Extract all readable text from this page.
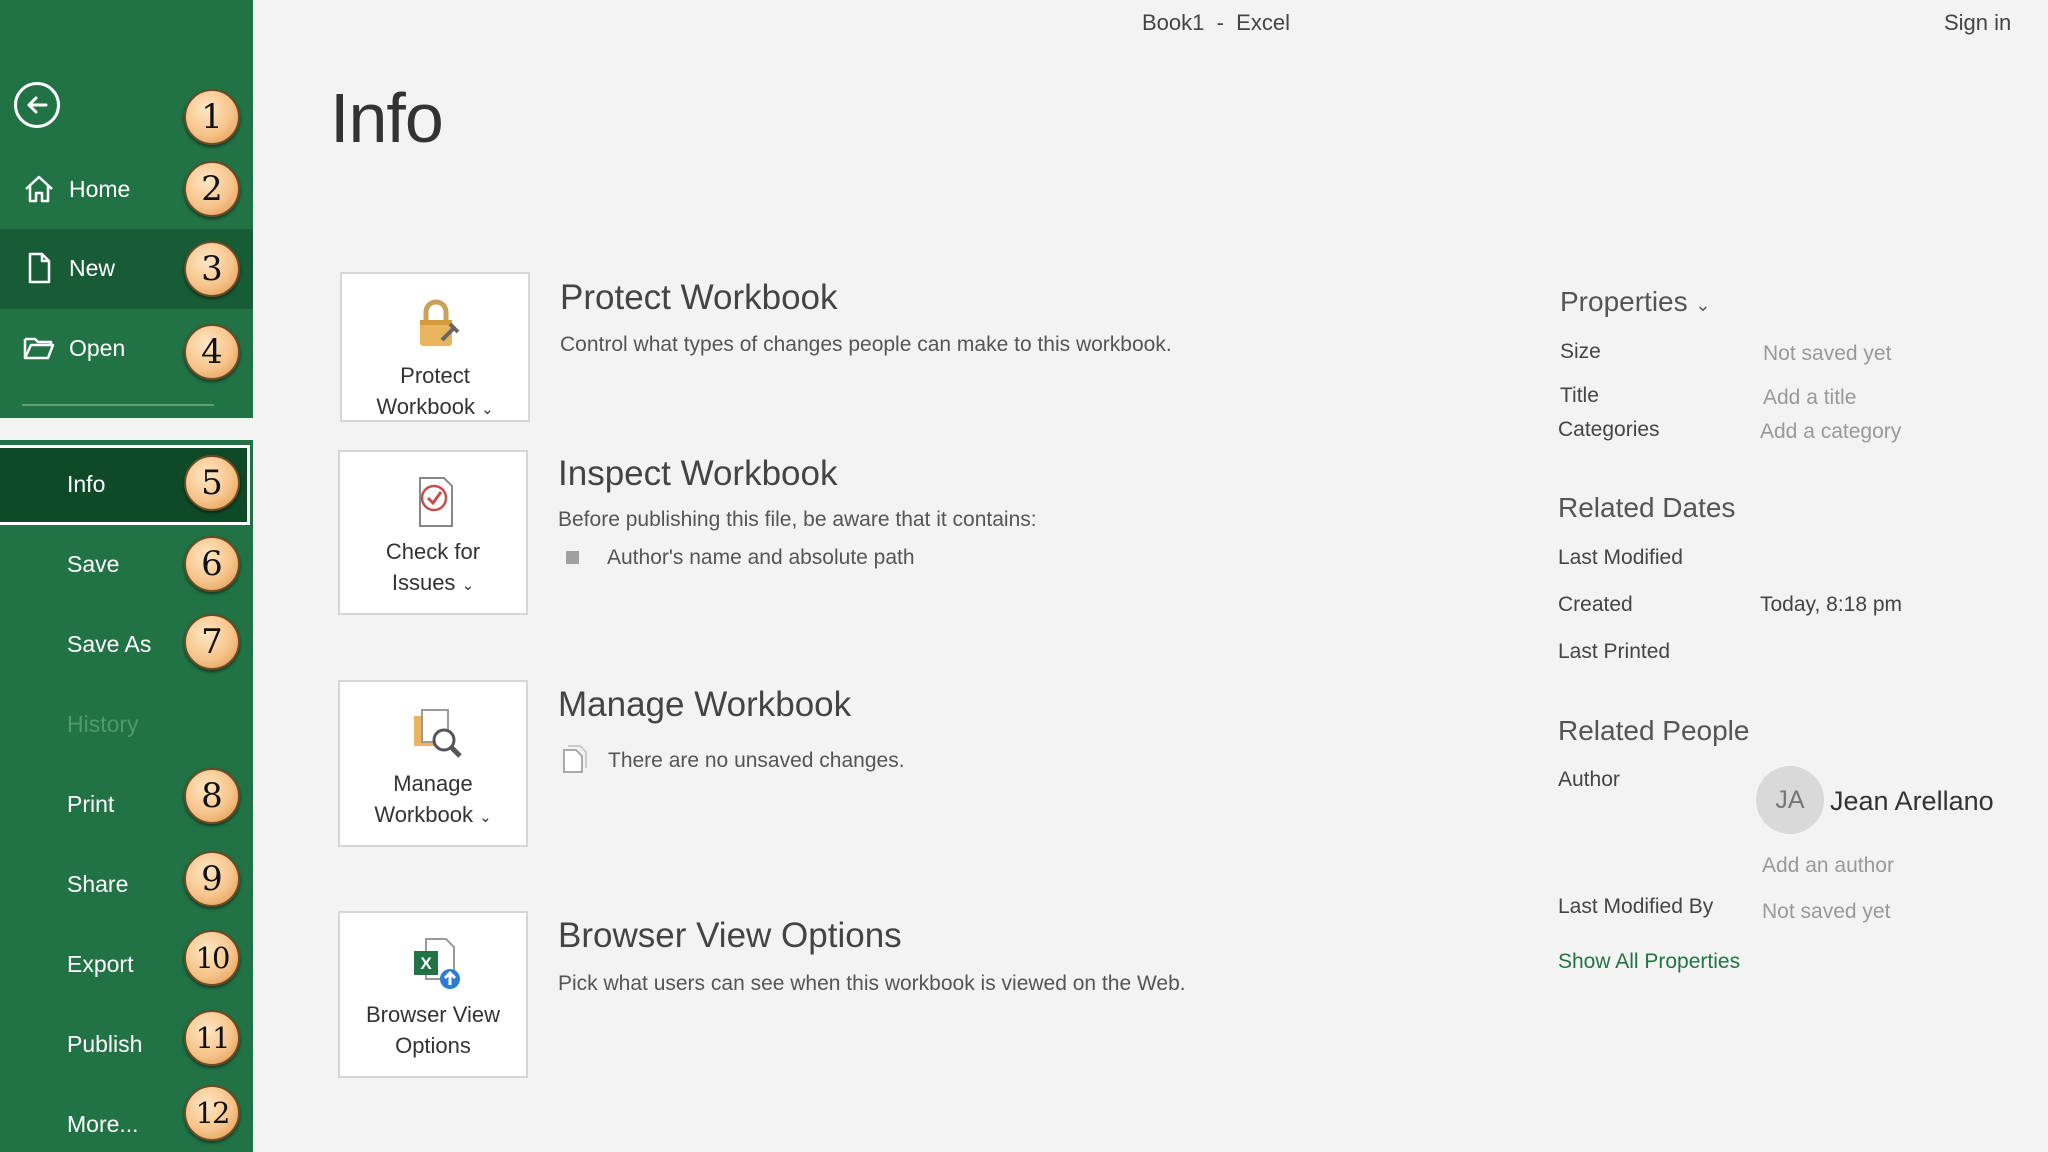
1
Home	2
New	3
Open	4
Info	5
Save	6
Save As	7
History
Print	8
Share	9
Export	10
Publish	11
More...	12
Book1  -  Excel	Sign in
Info
Protect
Workbook ⌄
Protect Workbook
Control what types of changes people can make to this workbook.
Check for
Issues ⌄
Inspect Workbook
Before publishing this file, be aware that it contains:
Author's name and absolute path
Manage
Workbook ⌄
Manage Workbook
There are no unsaved changes.
X
Browser View
Options
Browser View Options
Pick what users can see when this workbook is viewed on the Web.
Properties ⌄
Size	Not saved yet
Title	Add a title
Categories	Add a category
Related Dates
Last Modified
Created	Today, 8:18 pm
Last Printed
Related People
Author
JA Jean Arellano
Add an author
Last Modified By Not saved yet
Show All Properties
